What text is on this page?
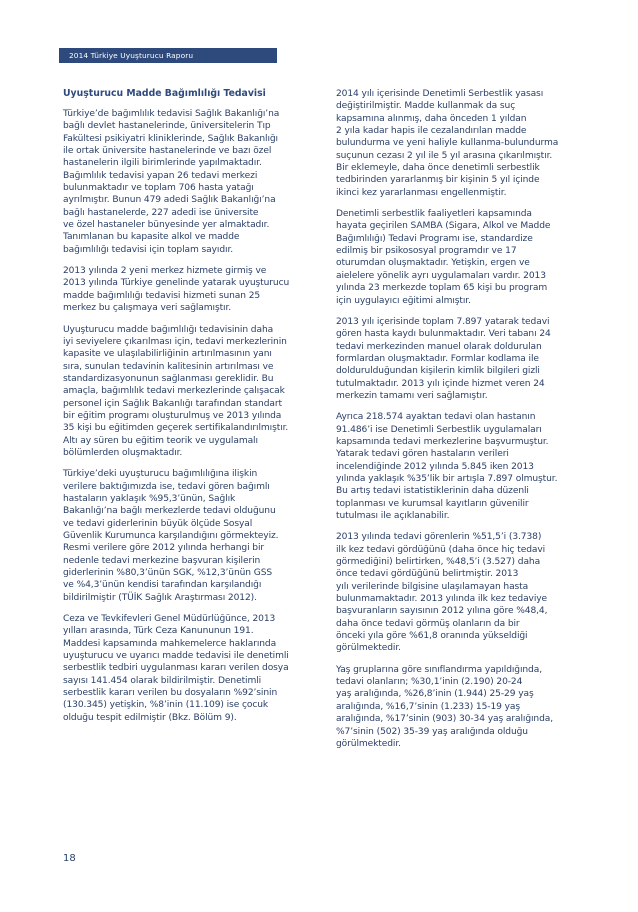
2014 Türkiye Uyuşturucu Raporu
Uyuşturucu Madde Bağımlılığı Tedavisi

Türkiye’de bağımlılık tedavisi Sağlık Bakanlığı’na
bağlı devlet hastanelerinde, üniversitelerin Tıp
Fakültesi psikiyatri kliniklerinde, Sağlık Bakanlığı
ile ortak üniversite hastanelerinde ve bazı özel
hastanelerin ilgili birimlerinde yapılmaktadır.
Bağımlılık tedavisi yapan 26 tedavi merkezi
bulunmaktadır ve toplam 706 hasta yatağı
ayrılmıştır. Bunun 479 adedi Sağlık Bakanlığı’na
bağlı hastanelerde, 227 adedi ise üniversite
ve özel hastaneler bünyesinde yer almaktadır.
Tanımlanan bu kapasite alkol ve madde
bağımlılığı tedavisi için toplam sayıdır.

2013 yılında 2 yeni merkez hizmete girmiş ve
2013 yılında Türkiye genelinde yatarak uyuşturucu
madde bağımlılığı tedavisi hizmeti sunan 25
merkez bu çalışmaya veri sağlamıştır.

Uyuşturucu madde bağımlılığı tedavisinin daha
iyi seviyelere çıkarılması için, tedavi merkezlerinin
kapasite ve ulaşılabilirliğinin artırılmasının yanı
sıra, sunulan tedavinin kalitesinin artırılması ve
standardizasyonunun sağlanması gereklidir. Bu
amaçla, bağımlılık tedavi merkezlerinde çalışacak
personel için Sağlık Bakanlığı tarafından standart
bir eğitim programı oluşturulmuş ve 2013 yılında
35 kişi bu eğitimden geçerek sertifikalandırılmıştır.
Altı ay süren bu eğitim teorik ve uygulamalı
bölümlerden oluşmaktadır.

Türkiye’deki uyuşturucu bağımlılığına ilişkin
verilere baktığımızda ise, tedavi gören bağımlı
hastaların yaklaşık %95,3’ünün, Sağlık
Bakanlığı’na bağlı merkezlerde tedavi olduğunu
ve tedavi giderlerinin büyük ölçüde Sosyal
Güvenlik Kurumunca karşılandığını görmekteyiz.
Resmi verilere göre 2012 yılında herhangi bir
nedenle tedavi merkezine başvuran kişilerin
giderlerinin %80,3’ünün SGK, %12,3’ünün GSS
ve %4,3’ünün kendisi tarafından karşılandığı
bildirilmiştir (TÜİK Sağlık Araştırması 2012).

Ceza ve Tevkifevleri Genel Müdürlüğünce, 2013
yılları arasında, Türk Ceza Kanununun 191.
Maddesi kapsamında mahkemelerce haklarında
uyuşturucu ve uyarıcı madde tedavisi ile denetimli
serbestlik tedbiri uygulanması kararı verilen dosya
sayısı 141.454 olarak bildirilmiştir. Denetimli
serbestlik kararı verilen bu dosyaların %92’sinin
(130.345) yetişkin, %8’inin (11.109) ise çocuk
olduğu tespit edilmiştir (Bkz. Bölüm 9).

2014 yılı içerisinde Denetimli Serbestlik yasası
değiştirilmiştir. Madde kullanmak da suç
kapsamına alınmış, daha önceden 1 yıldan
2 yıla kadar hapis ile cezalandırılan madde
bulundurma ve yeni haliyle kullanma-bulundurma
suçunun cezası 2 yıl ile 5 yıl arasına çıkarılmıştır.
Bir eklemeyle, daha önce denetimli serbestlik
tedbirinden yararlanmış bir kişinin 5 yıl içinde
ikinci kez yararlanması engellenmiştir.

Denetimli serbestlik faaliyetleri kapsamında
hayata geçirilen SAMBA (Sigara, Alkol ve Madde
Bağımlılığı) Tedavi Programı ise, standardize
edilmiş bir psikososyal programdır ve 17
oturumdan oluşmaktadır. Yetişkin, ergen ve
aielelere yönelik ayrı uygulamaları vardır. 2013
yılında 23 merkezde toplam 65 kişi bu program
için uygulayıcı eğitimi almıştır.

2013 yılı içerisinde toplam 7.897 yatarak tedavi
gören hasta kaydı bulunmaktadır. Veri tabanı 24
tedavi merkezinden manuel olarak doldurulan
formlardan oluşmaktadır. Formlar kodlama ile
doldurulduğundan kişilerin kimlik bilgileri gizli
tutulmaktadır. 2013 yılı içinde hizmet veren 24
merkezin tamamı veri sağlamıştır.

Ayrıca 218.574 ayaktan tedavi olan hastanın
91.486’i ise Denetimli Serbestlik uygulamaları
kapsamında tedavi merkezlerine başvurmuştur.
Yatarak tedavi gören hastaların verileri
incelendiğinde 2012 yılında 5.845 iken 2013
yılında yaklaşık %35’lik bir artışla 7.897 olmuştur.
Bu artış tedavi istatistiklerinin daha düzenli
toplanması ve kurumsal kayıtların güvenilir
tutulması ile açıklanabilir.

2013 yılında tedavi görenlerin %51,5’i (3.738)
ilk kez tedavi gördüğünü (daha önce hiç tedavi
görmediğini) belirtirken, %48,5’i (3.527) daha
önce tedavi gördüğünü belirtmiştir. 2013
yılı verilerinde bilgisine ulaşılamayan hasta
bulunmamaktadır. 2013 yılında ilk kez tedaviye
başvuranların sayısının 2012 yılına göre %48,4,
daha önce tedavi görmüş olanların da bir
önceki yıla göre %61,8 oranında yükseldiği
görülmektedir.

Yaş gruplarına göre sınıflandırma yapıldığında,
tedavi olanların; %30,1’inin (2.190) 20-24
yaş aralığında, %26,8’inin (1.944) 25-29 yaş
aralığında, %16,7’sinin (1.233) 15-19 yaş
aralığında, %17’sinin (903) 30-34 yaş aralığında,
%7’sinin (502) 35-39 yaş aralığında olduğu
görülmektedir.

18
